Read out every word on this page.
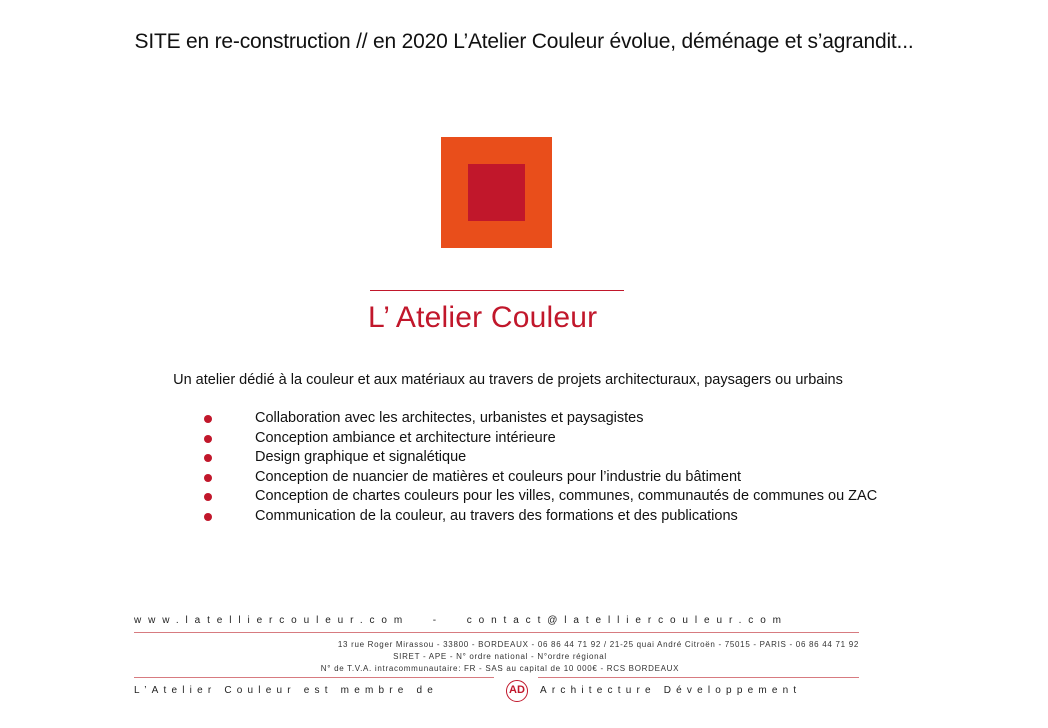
SITE en re-construction // en 2020 L’Atelier Couleur évolue, déménage et s’agrandit...
L’ Atelier Couleur
Un atelier dédié à la couleur et aux matériaux au travers de projets architecturaux, paysagers ou urbains
Collaboration avec les architectes, urbanistes et paysagistes
Conception ambiance et architecture intérieure
Design graphique et signalétique
Conception de nuancier de matières et couleurs pour l’industrie du bâtiment
Conception de chartes couleurs pour les villes, communes, communautés de communes ou ZAC
Communication de la couleur, au travers des formations et des publications
www.latelliercouleur.com - contact@latelliercouleur.com
13 rue Roger Mirassou - 33800 - BORDEAUX - 06 86 44 71 92 / 21-25 quai André Citroën - 75015 - PARIS - 06 86 44 71 92
SIRET - APE - N° ordre national - N°ordre régional
N° de T.V.A. intracommunautaire: FR - SAS au capital de 10 000€ - RCS BORDEAUX
L’Atelier Couleur est membre de	AD	Architecture Développement
